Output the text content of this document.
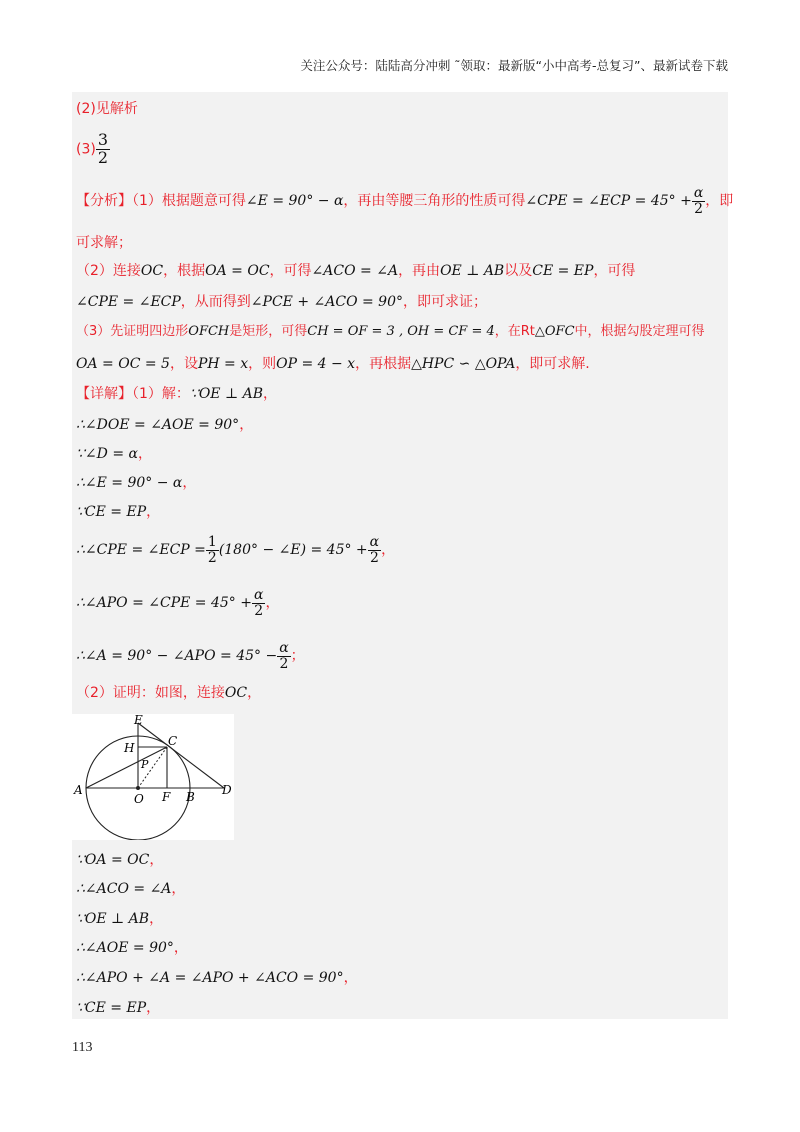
关注公众号：陆陆高分冲刺 ˜领取：最新版“小中高考-总复习”、最新试卷下载
(2)见解析
$(3) \frac{3}{2}$
【分析】（1）根据题意可得∠E = 90° − α，再由等腰三角形的性质可得∠CPE = ∠ECP = $45^\circ + \frac{\alpha}{2}$ ，即
可求解；
（2）连接OC，根据OA = OC，可得∠ACO = ∠A，再由OE ⊥ AB以及CE = EP，可得
∠CPE = ∠ECP，从而得到∠PCE + ∠ACO = 90°，即可求证；
（3）先证明四边形OFCH是矩形，可得CH = OF = 3 , OH = CF = 4，在Rt△OFC中，根据勾股定理可得
OA = OC = 5，设PH = x，则OP = 4 − x，再根据△HPC ∽ △OPA，即可求解.
【详解】（1）解：∵OE ⊥ AB，
∴∠DOE = ∠AOE = 90°，
∵∠D = α，
∴∠E = 90° − α，
∵CE = EP，
∴∠CPE = ∠ECP = $\frac{1}{2} (180^\circ$ − ∠E) = $45^\circ + \frac{\alpha}{2}$ ，
∴∠APO = ∠CPE = $45^\circ + \frac{\alpha}{2}$ ，
∴∠A = 90° − ∠APO = $45^\circ - \frac{\alpha}{2}$ ；
（2）证明：如图，连接OC，
E
H	C
P
A
O F B D
∵OA = OC，
∴∠ACO = ∠A，
∵OE ⊥ AB，
∴∠AOE = 90°，
∴∠APO + ∠A = ∠APO + ∠ACO = 90°，
∵CE = EP，
113
